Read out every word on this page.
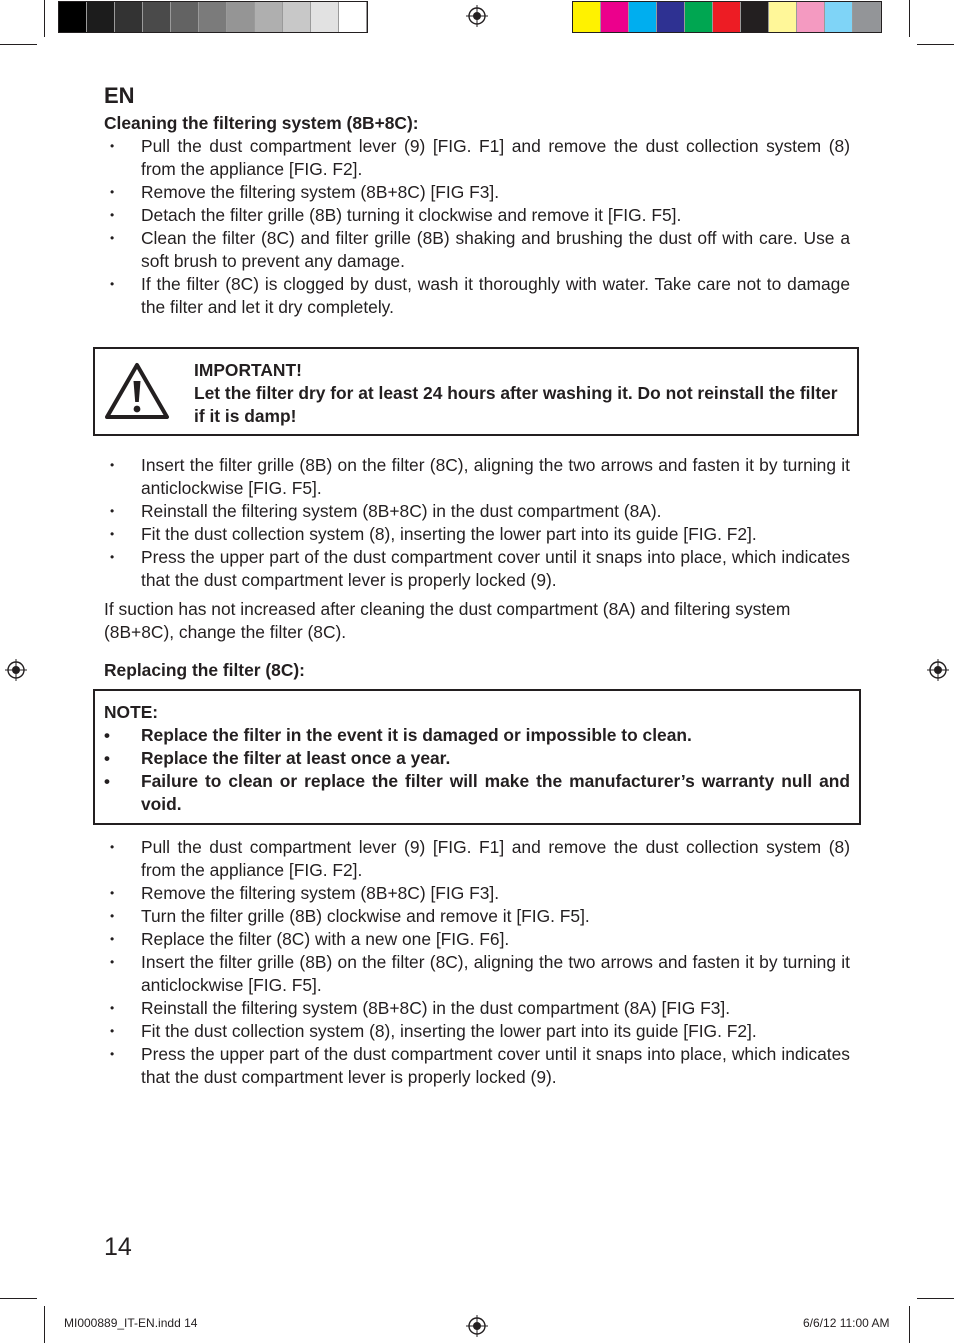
EN

Cleaning the filtering system (8B+8C):

• Pull the dust compartment lever (9) [FIG. F1] and remove the dust collection system (8) from the appliance [FIG. F2].
• Remove the filtering system (8B+8C) [FIG F3].
• Detach the filter grille (8B) turning it clockwise and remove it [FIG. F5].
• Clean the filter (8C) and filter grille (8B) shaking and brushing the dust off with care. Use a soft brush to prevent any damage.
• If the filter (8C) is clogged by dust, wash it thoroughly with water. Take care not to damage the filter and let it dry completely.
IMPORTANT!
Let the filter dry for at least 24 hours after washing it. Do not reinstall the filter if it is damp!
• Insert the filter grille (8B) on the filter (8C), aligning the two arrows and fasten it by turning it anticlockwise [FIG. F5].
• Reinstall the filtering system (8B+8C) in the dust compartment (8A).
• Fit the dust collection system (8), inserting the lower part into its guide [FIG. F2].
• Press the upper part of the dust compartment cover until it snaps into place, which indicates that the dust compartment lever is properly locked (9).

If suction has not increased after cleaning the dust compartment (8A) and filtering system (8B+8C), change the filter (8C).

Replacing the filter (8C):

NOTE:

• Replace the filter in the event it is damaged or impossible to clean.
• Replace the filter at least once a year.
• Failure to clean or replace the filter will make the manufacturer’s warranty null and void.
• Pull the dust compartment lever (9) [FIG. F1] and remove the dust collection system (8) from the appliance [FIG. F2].
• Remove the filtering system (8B+8C) [FIG F3].
• Turn the filter grille (8B) clockwise and remove it [FIG. F5].
• Replace the filter (8C) with a new one [FIG. F6].
• Insert the filter grille (8B) on the filter (8C), aligning the two arrows and fasten it by turning it anticlockwise [FIG. F5].
• Reinstall the filtering system (8B+8C) in the dust compartment (8A) [FIG F3].
• Fit the dust collection system (8), inserting the lower part into its guide [FIG. F2].
• Press the upper part of the dust compartment cover until it snaps into place, which indicates that the dust compartment lever is properly locked (9).
14
MI000889_IT-EN.indd 14	6/6/12 11:00 AM
